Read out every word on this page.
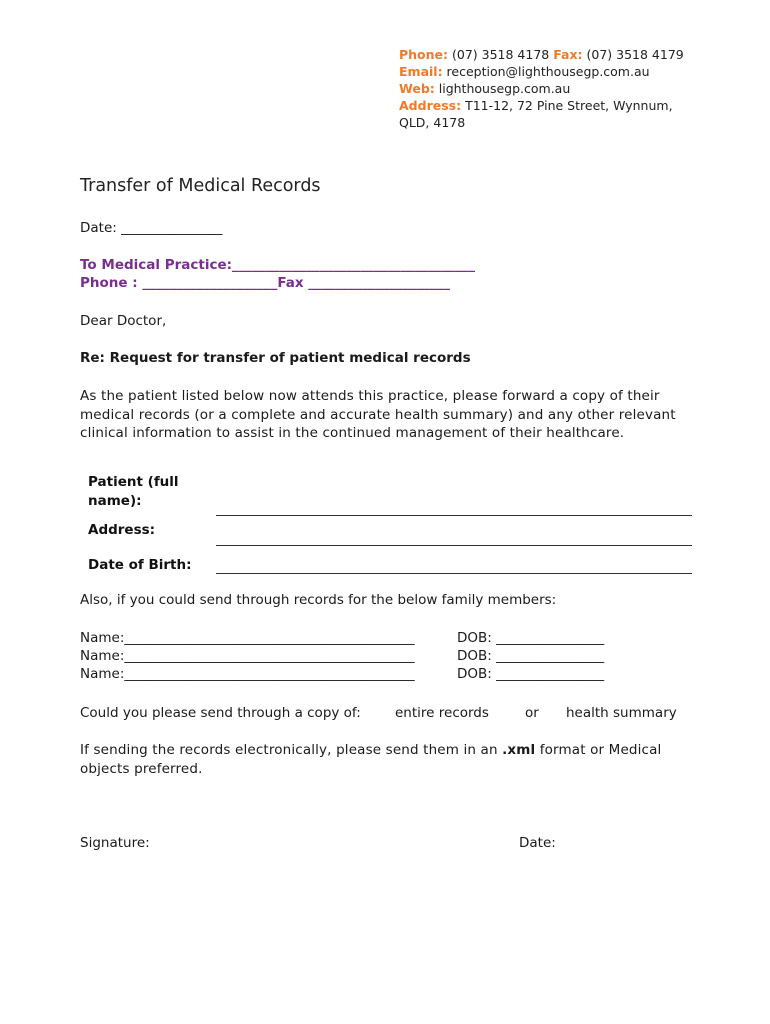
Phone: (07) 3518 4178 Fax: (07) 3518 4179
Email: reception@lighthousegp.com.au
Web: lighthousegp.com.au
Address: T11-12, 72 Pine Street, Wynnum, QLD, 4178
Transfer of Medical Records
Date: _______________
To Medical Practice:____________________________________
Phone : ____________________Fax _____________________
Dear Doctor,
Re: Request for transfer of patient medical records
As the patient listed below now attends this practice, please forward a copy of their medical records (or a complete and accurate health summary) and any other relevant clinical information to assist in the continued management of their healthcare.
Patient (full name):
Address:
Date of Birth:
Also, if you could send through records for the below family members:
Name:___________________________________________	DOB: ________________
Name:___________________________________________	DOB: ________________
Name:___________________________________________	DOB: ________________
Could you please send through a copy of:	entire records	or health summary
If sending the records electronically, please send them in an .xml format or Medical objects preferred.
Signature:	Date:
